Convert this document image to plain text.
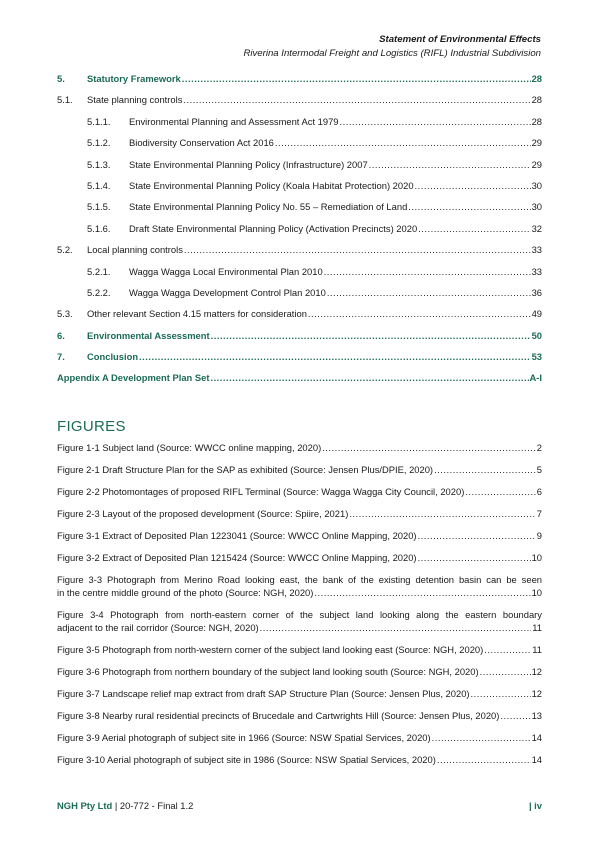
Statement of Environmental Effects
Riverina Intermodal Freight and Logistics (RIFL) Industrial Subdivision
5.	Statutory Framework .....	28
5.1.	State planning controls .....	28
5.1.1.	Environmental Planning and Assessment Act 1979 .....	28
5.1.2.	Biodiversity Conservation Act 2016 .....	29
5.1.3.	State Environmental Planning Policy (Infrastructure) 2007 .....	29
5.1.4.	State Environmental Planning Policy (Koala Habitat Protection) 2020 .....	30
5.1.5.	State Environmental Planning Policy No. 55 – Remediation of Land .....	30
5.1.6.	Draft State Environmental Planning Policy (Activation Precincts) 2020 .....	32
5.2.	Local planning controls .....	33
5.2.1.	Wagga Wagga Local Environmental Plan 2010 .....	33
5.2.2.	Wagga Wagga Development Control Plan 2010 .....	36
5.3.	Other relevant Section 4.15 matters for consideration .....	49
6.	Environmental Assessment .....	50
7.	Conclusion .....	53
Appendix A Development Plan Set .....	A-I
FIGURES
Figure 1-1 Subject land (Source: WWCC online mapping, 2020) .....	2
Figure 2-1 Draft Structure Plan for the SAP as exhibited (Source: Jensen Plus/DPIE, 2020) .....	5
Figure 2-2 Photomontages of proposed RIFL Terminal (Source: Wagga Wagga City Council, 2020) .....	6
Figure 2-3 Layout of the proposed development (Source: Spiire, 2021) .....	7
Figure 3-1 Extract of Deposited Plan 1223041 (Source: WWCC Online Mapping, 2020) .....	9
Figure 3-2 Extract of Deposited Plan 1215424 (Source: WWCC Online Mapping, 2020) .....	10
Figure 3-3 Photograph from Merino Road looking east, the bank of the existing detention basin can be seen
in the centre middle ground of the photo (Source: NGH, 2020) .....	10
Figure 3-4 Photograph from north-eastern corner of the subject land looking along the eastern boundary
adjacent to the rail corridor (Source: NGH, 2020) .....	11
Figure 3-5 Photograph from north-western corner of the subject land looking east (Source: NGH, 2020) .....	11
Figure 3-6 Photograph from northern boundary of the subject land looking south (Source: NGH, 2020) .....	12
Figure 3-7 Landscape relief map extract from draft SAP Structure Plan (Source: Jensen Plus, 2020) .....	12
Figure 3-8 Nearby rural residential precincts of Brucedale and Cartwrights Hill (Source: Jensen Plus, 2020) .....	13
Figure 3-9 Aerial photograph of subject site in 1966 (Source: NSW Spatial Services, 2020) .....	14
Figure 3-10 Aerial photograph of subject site in 1986 (Source: NSW Spatial Services, 2020) .....	14
NGH Pty Ltd | 20-772 - Final 1.2	| iv
